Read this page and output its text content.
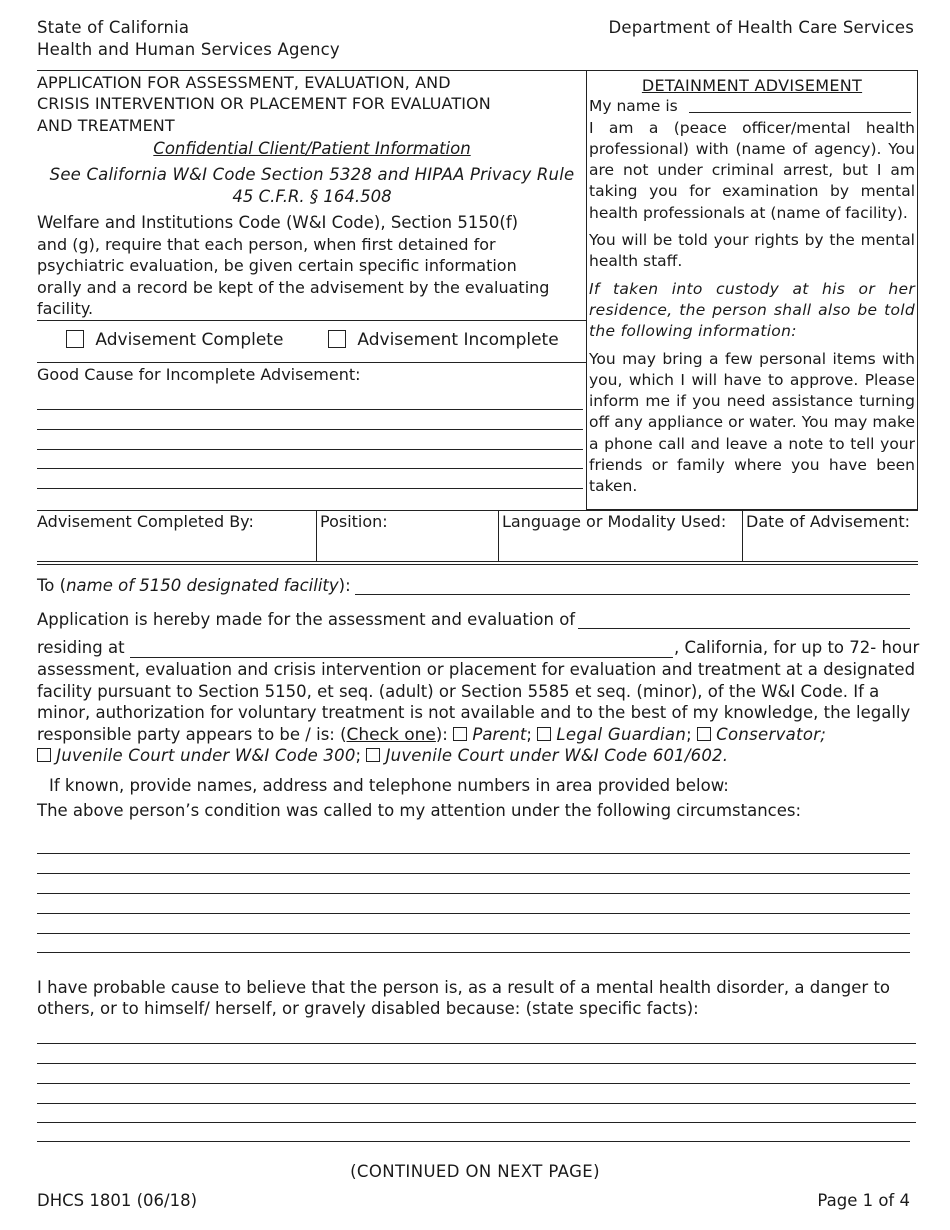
State of California
Health and Human Services Agency
Department of Health Care Services
APPLICATION FOR ASSESSMENT, EVALUATION, AND
CRISIS INTERVENTION OR PLACEMENT FOR EVALUATION
AND TREATMENT
Confidential Client/Patient Information
See California W&I Code Section 5328 and HIPAA Privacy Rule
45 C.F.R. § 164.508
Welfare and Institutions Code (W&I Code), Section 5150(f)
and (g), require that each person, when first detained for
psychiatric evaluation, be given certain specific information
orally and a record be kept of the advisement by the evaluating
facility.
Advisement Complete	Advisement Incomplete
Good Cause for Incomplete Advisement:
DETAINMENT ADVISEMENT
My name is

I am a (peace officer/mental health professional) with (name of agency). You are not under criminal arrest, but I am taking you for examination by mental health professionals at (name of facility).

You will be told your rights by the mental health staff.

If taken into custody at his or her residence, the person shall also be told the following information:

You may bring a few personal items with you, which I will have to approve. Please inform me if you need assistance turning off any appliance or water. You may make a phone call and leave a note to tell your friends or family where you have been taken.

Advisement Completed By:	Position:	Language or Modality Used: Date of Advisement:
To (name of 5150 designated facility):
Application is hereby made for the assessment and evaluation of
residing at	, California, for up to 72- hour
assessment, evaluation and crisis intervention or placement for evaluation and treatment at a designated
facility pursuant to Section 5150, et seq. (adult) or Section 5585 et seq. (minor), of the W&I Code. If a
minor, authorization for voluntary treatment is not available and to the best of my knowledge, the legally
responsible party appears to be / is: (Check one): Parent;  Legal Guardian;  Conservator;
Juvenile Court under W&I Code 300;  Juvenile Court under W&I Code 601/602.
If known, provide names, address and telephone numbers in area provided below:
The above person’s condition was called to my attention under the following circumstances:
I have probable cause to believe that the person is, as a result of a mental health disorder, a danger to
others, or to himself/ herself, or gravely disabled because: (state specific facts):
(CONTINUED ON NEXT PAGE)
DHCS 1801 (06/18)	Page 1 of 4
